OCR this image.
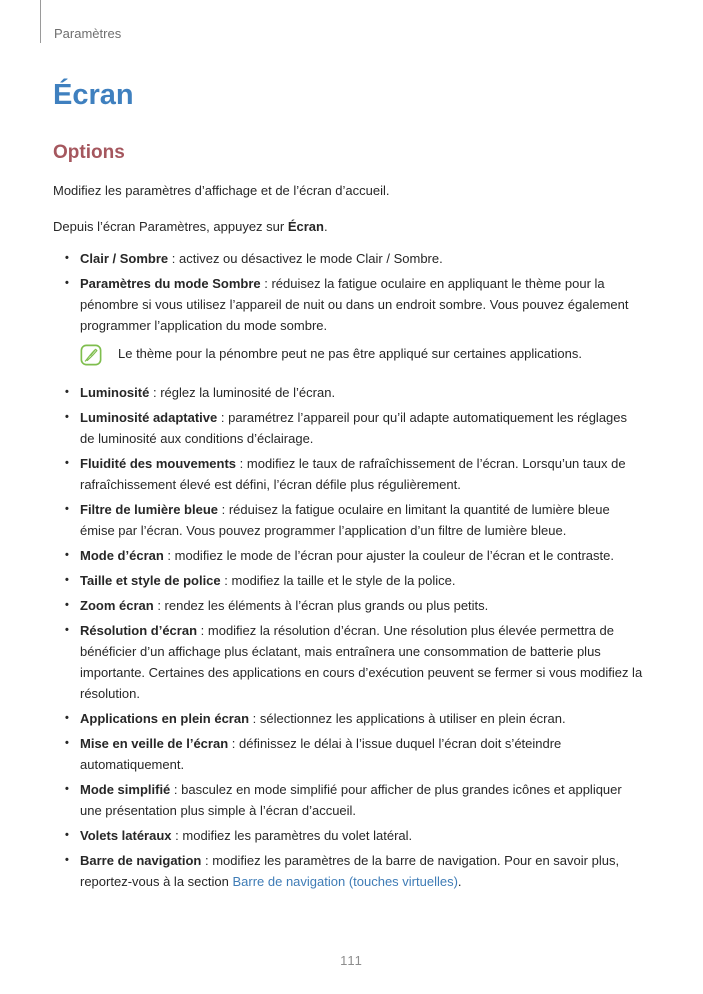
Paramètres
Écran
Options

Modifiez les paramètres d’affichage et de l’écran d’accueil.

Depuis l’écran Paramètres, appuyez sur Écran.

• Clair / Sombre : activez ou désactivez le mode Clair / Sombre.
• Paramètres du mode Sombre : réduisez la fatigue oculaire en appliquant le thème pour la pénombre si vous utilisez l’appareil de nuit ou dans un endroit sombre. Vous pouvez également programmer l’application du mode sombre.
Le thème pour la pénombre peut ne pas être appliqué sur certaines applications.
• Luminosité : réglez la luminosité de l’écran.
• Luminosité adaptative : paramétrez l’appareil pour qu’il adapte automatiquement les réglages de luminosité aux conditions d’éclairage.
• Fluidité des mouvements : modifiez le taux de rafraîchissement de l’écran. Lorsqu’un taux de rafraîchissement élevé est défini, l’écran défile plus régulièrement.
• Filtre de lumière bleue : réduisez la fatigue oculaire en limitant la quantité de lumière bleue émise par l’écran. Vous pouvez programmer l’application d’un filtre de lumière bleue.
• Mode d’écran : modifiez le mode de l’écran pour ajuster la couleur de l’écran et le contraste.
• Taille et style de police : modifiez la taille et le style de la police.
• Zoom écran : rendez les éléments à l’écran plus grands ou plus petits.
• Résolution d’écran : modifiez la résolution d’écran. Une résolution plus élevée permettra de bénéficier d’un affichage plus éclatant, mais entraînera une consommation de batterie plus importante. Certaines des applications en cours d’exécution peuvent se fermer si vous modifiez la résolution.
• Applications en plein écran : sélectionnez les applications à utiliser en plein écran.
• Mise en veille de l’écran : définissez le délai à l’issue duquel l’écran doit s’éteindre automatiquement.
• Mode simplifié : basculez en mode simplifié pour afficher de plus grandes icônes et appliquer une présentation plus simple à l’écran d’accueil.
• Volets latéraux : modifiez les paramètres du volet latéral.
• Barre de navigation : modifiez les paramètres de la barre de navigation. Pour en savoir plus, reportez-vous à la section Barre de navigation (touches virtuelles).
111
